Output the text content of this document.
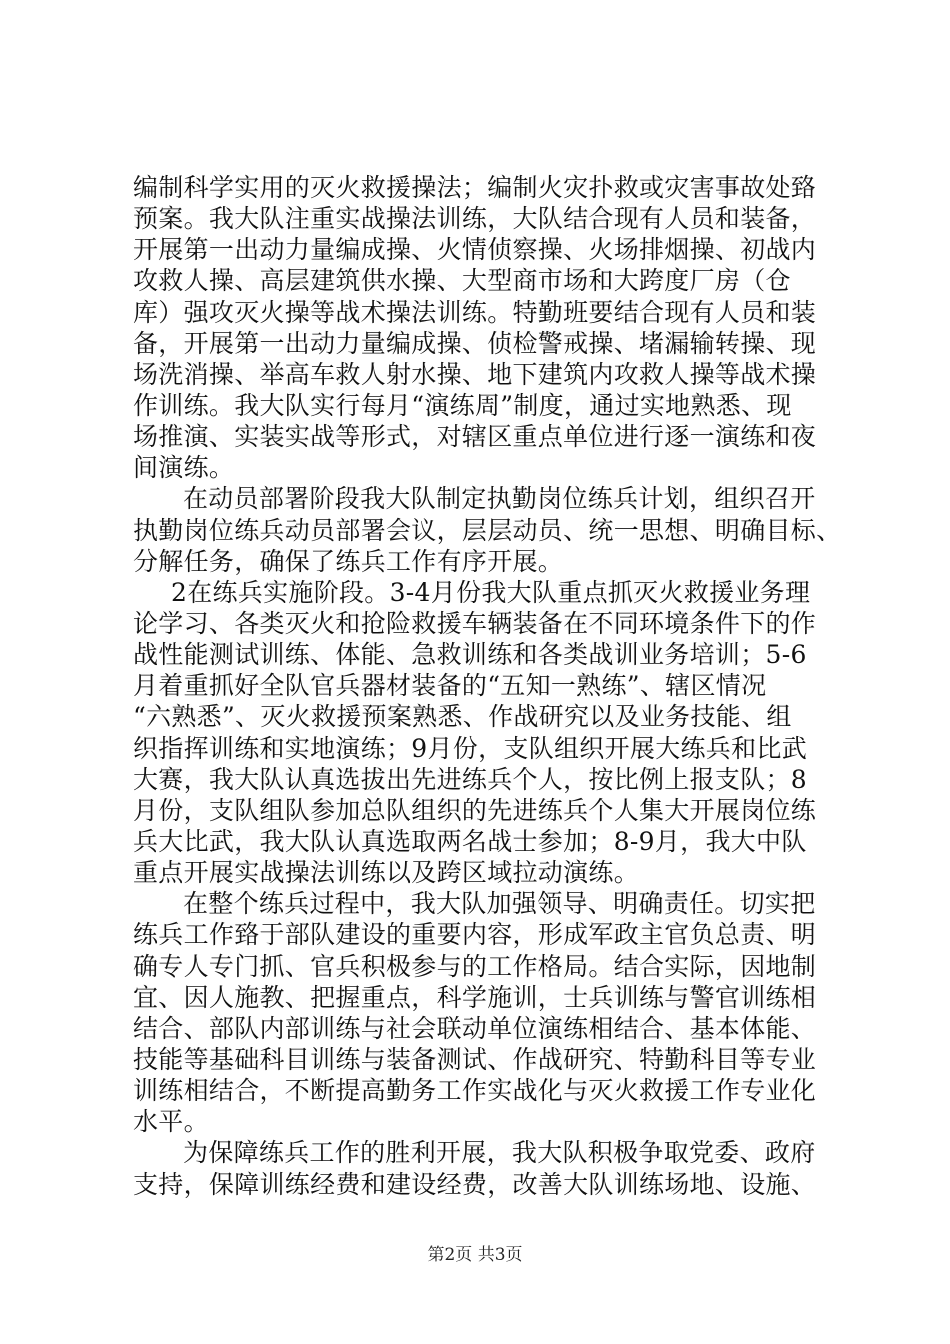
编制科学实用的灭火救援操法；编制火灾扑救或灾害事故处臵
预案。我大队注重实战操法训练，大队结合现有人员和装备，
开展第一出动力量编成操、火情侦察操、火场排烟操、初战内
攻救人操、高层建筑供水操、大型商市场和大跨度厂房（仓
库）强攻灭火操等战术操法训练。特勤班要结合现有人员和装
备，开展第一出动力量编成操、侦检警戒操、堵漏输转操、现
场洗消操、举高车救人射水操、地下建筑内攻救人操等战术操
作训练。我大队实行每月“演练周”制度，通过实地熟悉、现
场推演、实装实战等形式，对辖区重点单位进行逐一演练和夜
间演练。
在动员部署阶段我大队制定执勤岗位练兵计划，组织召开
执勤岗位练兵动员部署会议，层层动员、统一思想、明确目标、
分解任务，确保了练兵工作有序开展。
2在练兵实施阶段。3-4月份我大队重点抓灭火救援业务理
论学习、各类灭火和抢险救援车辆装备在不同环境条件下的作
战性能测试训练、体能、急救训练和各类战训业务培训；5-6
月着重抓好全队官兵器材装备的“五知一熟练”、辖区情况
“六熟悉”、灭火救援预案熟悉、作战研究以及业务技能、组
织指挥训练和实地演练；9月份，支队组织开展大练兵和比武
大赛，我大队认真选拔出先进练兵个人，按比例上报支队；8
月份，支队组队参加总队组织的先进练兵个人集大开展岗位练
兵大比武，我大队认真选取两名战士参加；8-9月，我大中队
重点开展实战操法训练以及跨区域拉动演练。
在整个练兵过程中，我大队加强领导、明确责任。切实把
练兵工作臵于部队建设的重要内容，形成军政主官负总责、明
确专人专门抓、官兵积极参与的工作格局。结合实际，因地制
宜、因人施教、把握重点，科学施训，士兵训练与警官训练相
结合、部队内部训练与社会联动单位演练相结合、基本体能、
技能等基础科目训练与装备测试、作战研究、特勤科目等专业
训练相结合，不断提高勤务工作实战化与灭火救援工作专业化
水平。
为保障练兵工作的胜利开展，我大队积极争取党委、政府
支持，保障训练经费和建设经费，改善大队训练场地、设施、
第2页 共3页
